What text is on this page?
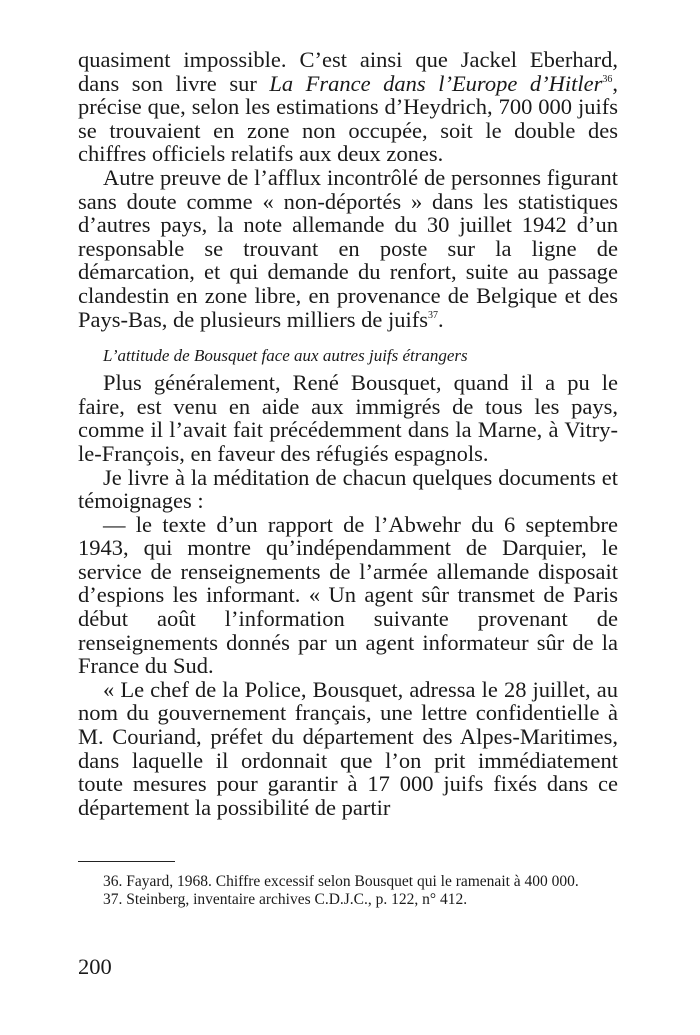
quasiment impossible. C’est ainsi que Jackel Eberhard, dans son livre sur La France dans l’Europe d’Hitler$^{36}$, précise que, selon les estimations d’Heydrich, 700 000 juifs se trouvaient en zone non occupée, soit le double des chiffres officiels relatifs aux deux zones.

Autre preuve de l’afflux incontrôlé de personnes figurant sans doute comme « non-déportés » dans les statistiques d’autres pays, la note allemande du 30 juillet 1942 d’un responsable se trouvant en poste sur la ligne de démarcation, et qui demande du renfort, suite au passage clandestin en zone libre, en provenance de Belgique et des Pays-Bas, de plusieurs milliers de juifs$^{37}$.

L’attitude de Bousquet face aux autres juifs étrangers

Plus généralement, René Bousquet, quand il a pu le faire, est venu en aide aux immigrés de tous les pays, comme il l’avait fait précédemment dans la Marne, à Vitry-le-François, en faveur des réfugiés espagnols.

Je livre à la méditation de chacun quelques documents et témoignages :

— le texte d’un rapport de l’Abwehr du 6 septembre 1943, qui montre qu’indépendamment de Darquier, le service de renseignements de l’armée allemande disposait d’espions les informant. « Un agent sûr transmet de Paris début août l’information suivante provenant de renseignements donnés par un agent informateur sûr de la France du Sud.

« Le chef de la Police, Bousquet, adressa le 28 juillet, au nom du gouvernement français, une lettre confidentielle à M. Couriand, préfet du département des Alpes-Maritimes, dans laquelle il ordonnait que l’on prit immédiatement toute mesures pour garantir à 17 000 juifs fixés dans ce département la possibilité de partir

36. Fayard, 1968. Chiffre excessif selon Bousquet qui le ramenait à 400 000.

37. Steinberg, inventaire archives C.D.J.C., p. 122, n° 412.

200
